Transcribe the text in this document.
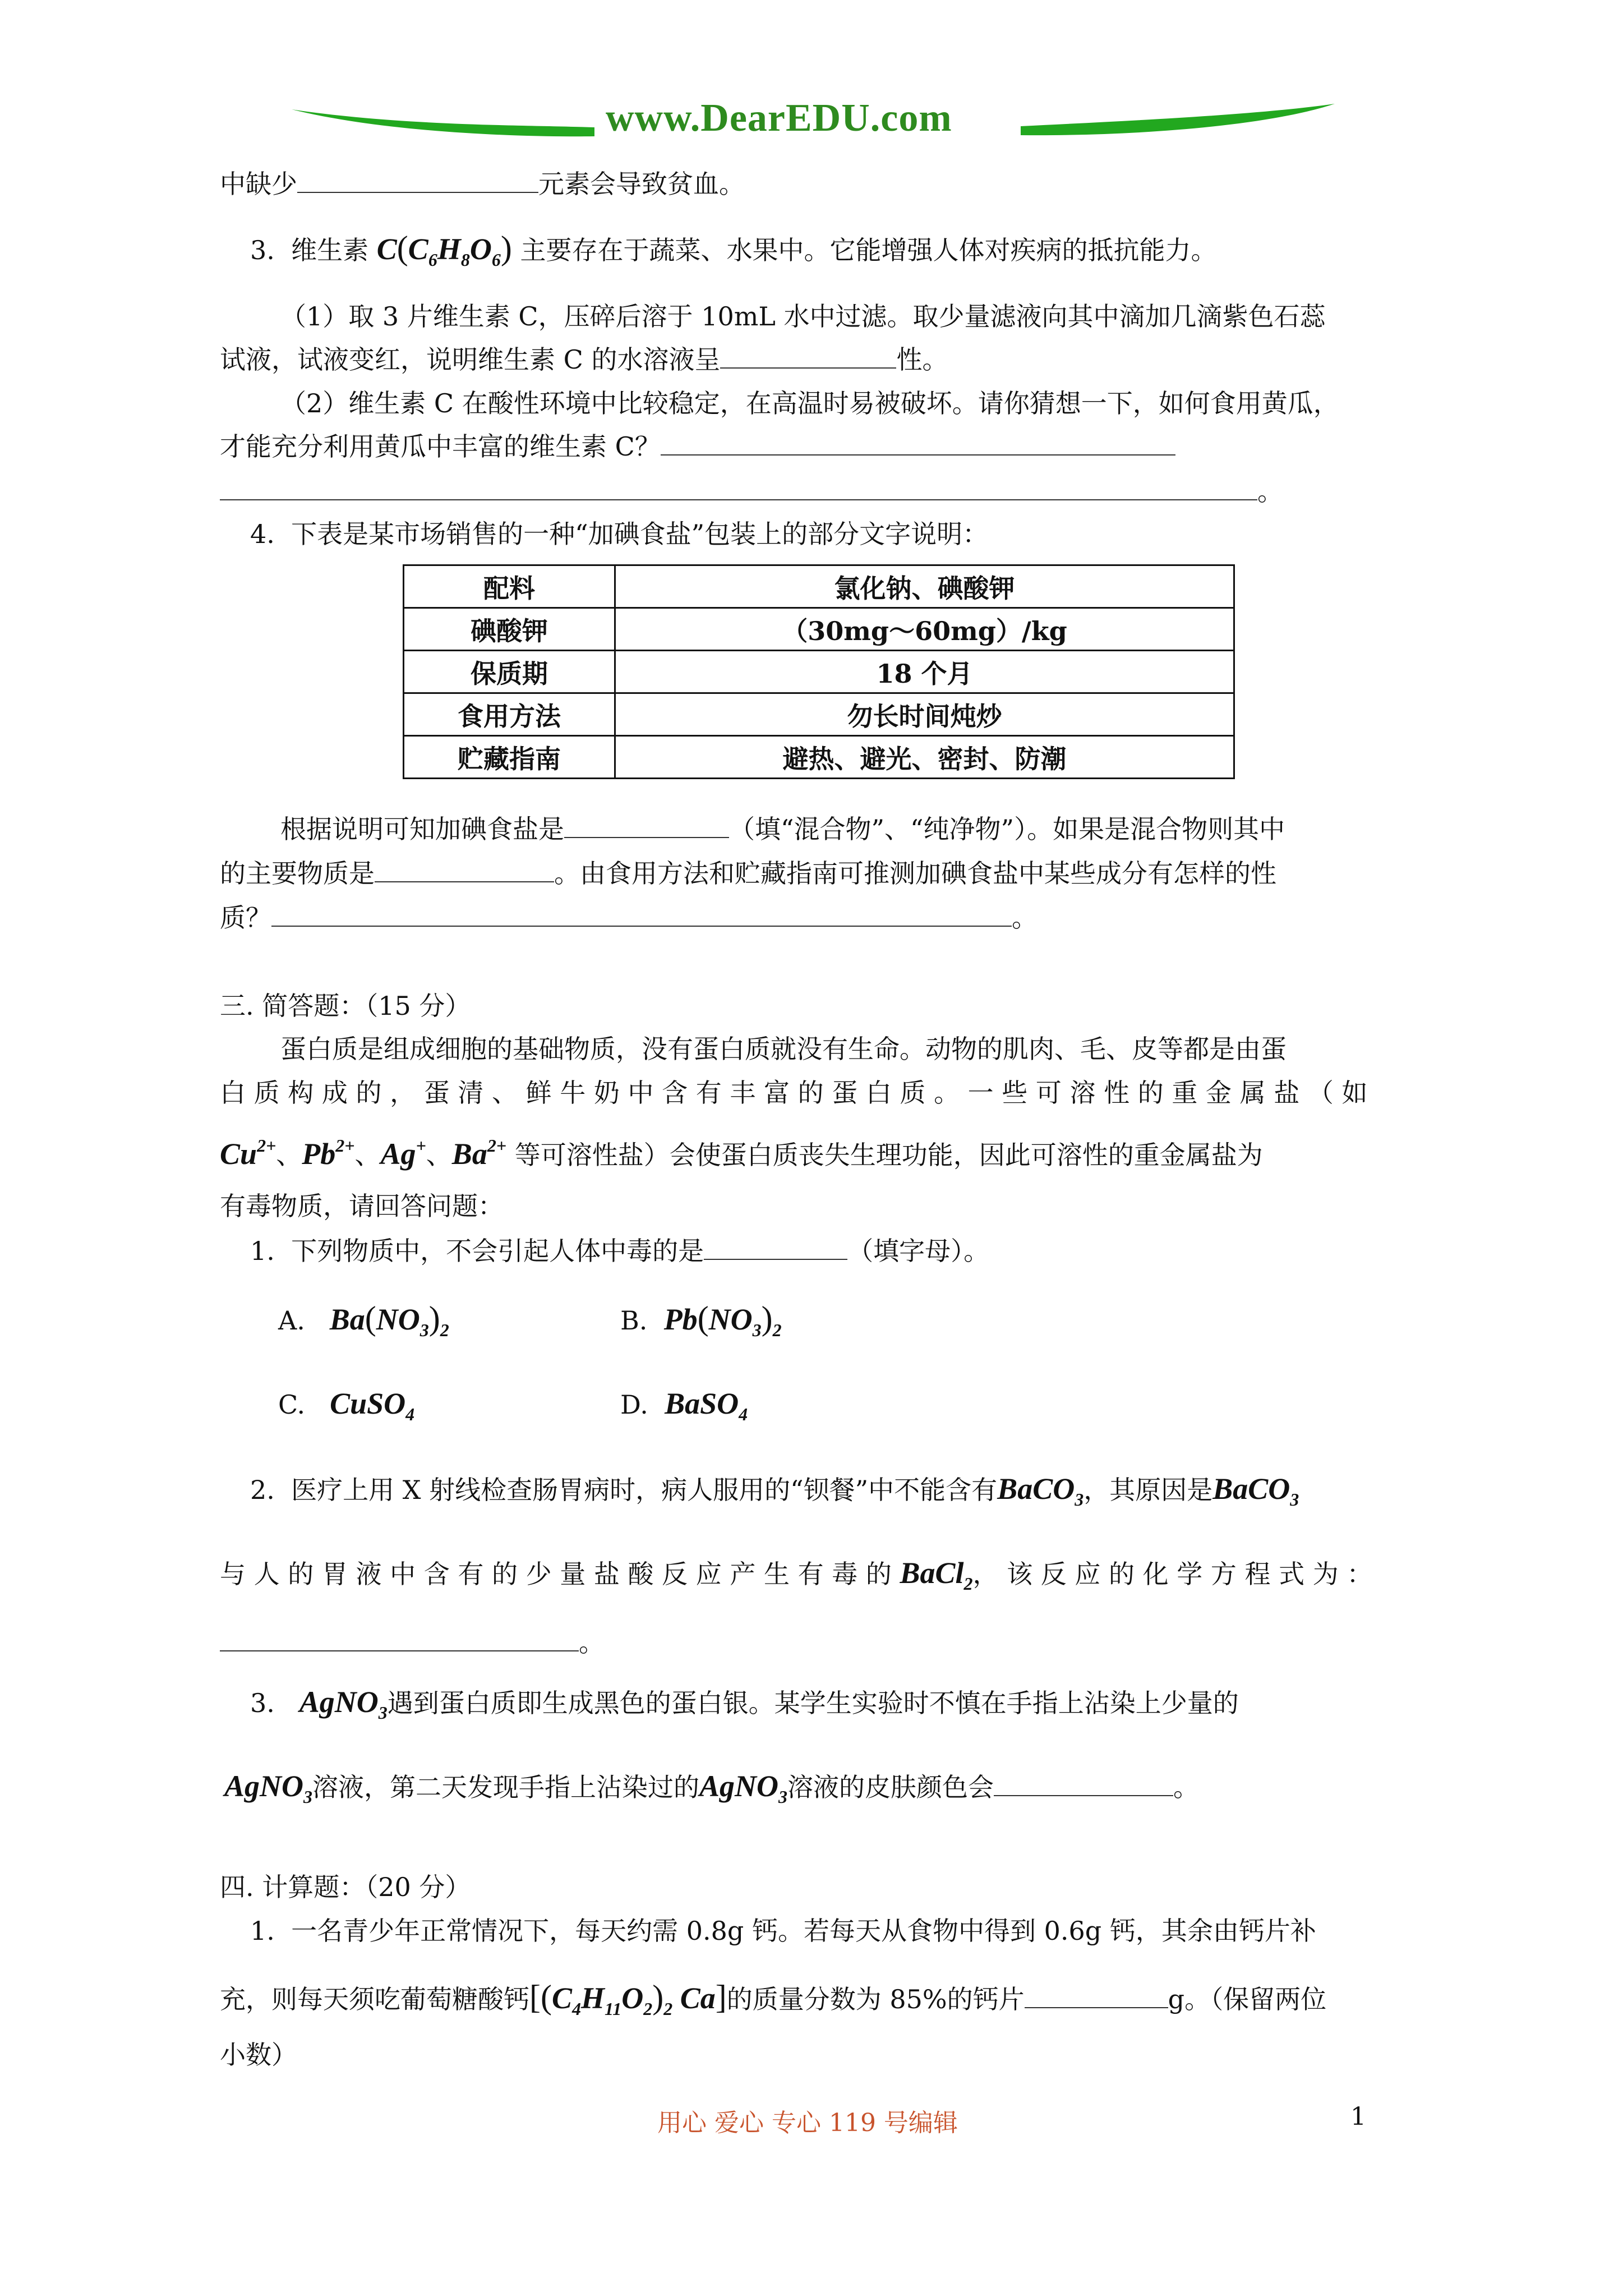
www.DearEDU.com
中缺少	元素会导致贫血。
3. 维生素 $C(C_6H_8O_6)$ 主要存在于蔬菜、水果中。它能增强人体对疾病的抵抗能力。
（1）取 3 片维生素 C，压碎后溶于 10mL 水中过滤。取少量滤液向其中滴加几滴紫色石蕊
试液，试液变红，说明维生素 C 的水溶液呈	性。
（2）维生素 C 在酸性环境中比较稳定，在高温时易被破坏。请你猜想一下，如何食用黄瓜，
才能充分利用黄瓜中丰富的维生素 C？
。
4. 下表是某市场销售的一种“加碘食盐”包装上的部分文字说明：
配料	氯化钠、碘酸钾
碘酸钾	（30mg～60mg）/kg
保质期	18 个月
食用方法	勿长时间炖炒
贮藏指南	避热、避光、密封、防潮
根据说明可知加碘食盐是	（填“混合物”、“纯净物”）。如果是混合物则其中
的主要物质是	。由食用方法和贮藏指南可推测加碘食盐中某些成分有怎样的性
质？	。
三. 简答题：（15 分）
蛋白质是组成细胞的基础物质，没有蛋白质就没有生命。动物的肌肉、毛、皮等都是由蛋
白 质 构 成 的 ， 蛋 清 、 鲜 牛 奶 中 含 有 丰 富 的 蛋 白 质 。 一 些 可 溶 性 的 重 金 属 盐 （ 如
$Cu^{2+}$、$Pb^{2+}$、Ag+、$Ba^{2+}$ 等可溶性盐）会使蛋白质丧失生理功能，因此可溶性的重金属盐为
有毒物质，请回答问题：
1. 下列物质中，不会引起人体中毒的是	（填字母）。
A. $Ba(NO_3)_2$	B. $Pb(NO_3)_2$
C. CuSO$_4$	D. BaSO$_4$
2. 医疗上用 X 射线检查肠胃病时，病人服用的“钡餐”中不能含有BaCO$_3$，其原因是BaCO$_3$
与 人 的 胃 液 中 含 有 的 少 量 盐 酸 反 应 产 生 有 毒 的 BaCl$_2$， 该 反 应 的 化 学 方 程 式 为 ：
。
3. AgNO$_3$遇到蛋白质即生成黑色的蛋白银。某学生实验时不慎在手指上沾染上少量的
AgNO$_3$溶液，第二天发现手指上沾染过的AgNO$_3$溶液的皮肤颜色会	。
四. 计算题：（20 分）
1. 一名青少年正常情况下，每天约需 0.8g 钙。若每天从食物中得到 0.6g 钙，其余由钙片补
充，则每天须吃葡萄糖酸钙[$(C_4H_{11}O_2)_2$ Ca]的质量分数为 85%的钙片	g。（保留两位
小数）
用心 爱心 专心 119 号编辑	1
